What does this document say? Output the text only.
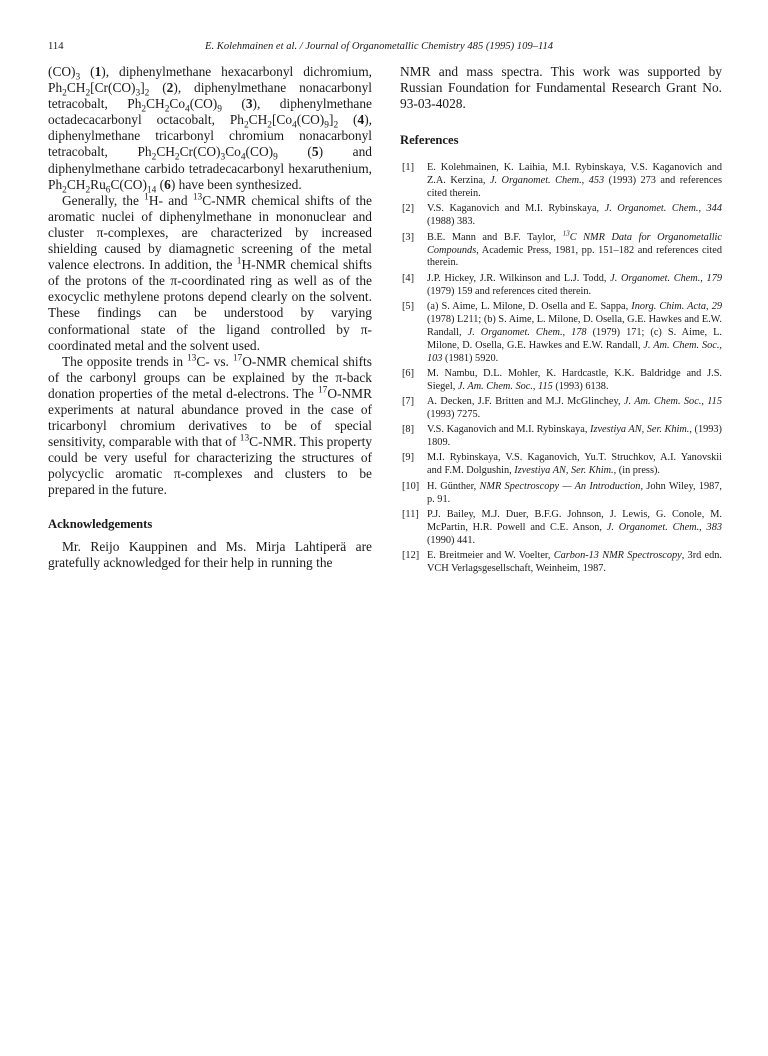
114	E. Kolehmainen et al. / Journal of Organometallic Chemistry 485 (1995) 109–114

$(CO)_3$ (1), diphenylmethane hexacarbonyl dichromium, $Ph_2CH_2[Cr(CO)_3]_2$ (2), diphenylmethane nonacarbonyl tetracobalt, $Ph_2CH_2Co_4(CO)_9$ (3), diphenylmethane octadecacarbonyl octacobalt, $Ph_2CH_2[Co_4(CO)_9]_2$ (4), diphenylmethane tricarbonyl chromium nonacarbonyl tetracobalt, $Ph_2CH_2Cr(CO)_3Co_4(CO)_9$ (5) and diphenylmethane carbido tetradecacarbonyl hexaruthenium, $Ph_2CH_2Ru_6C(CO)_{14}$ (6) have been synthesized.

Generally, the $^1$H- and $^{13}$C-NMR chemical shifts of the aromatic nuclei of diphenylmethane in mononuclear and cluster π-complexes, are characterized by increased shielding caused by diamagnetic screening of the metal valence electrons. In addition, the $^1$H-NMR chemical shifts of the protons of the π-coordinated ring as well as of the exocyclic methylene protons depend clearly on the solvent. These findings can be understood by varying conformational state of the ligand controlled by π-coordinated metal and the solvent used.

The opposite trends in $^{13}$C- vs. $^{17}$O-NMR chemical shifts of the carbonyl groups can be explained by the π-back donation properties of the metal d-electrons. The $^{17}$O-NMR experiments at natural abundance proved in the case of tricarbonyl chromium derivatives to be of special sensitivity, comparable with that of $^{13}$C-NMR. This property could be very useful for characterizing the structures of polycyclic aromatic π-complexes and clusters to be prepared in the future.

Acknowledgements

Mr. Reijo Kauppinen and Ms. Mirja Lahtiperä are gratefully acknowledged for their help in running the

NMR and mass spectra. This work was supported by Russian Foundation for Fundamental Research Grant No. 93-03-4028.

References
[1] E. Kolehmainen, K. Laihia, M.I. Rybinskaya, V.S. Kaganovich and Z.A. Kerzina, J. Organomet. Chem., 453 (1993) 273 and references cited therein.
[2] V.S. Kaganovich and M.I. Rybinskaya, J. Organomet. Chem., 344 (1988) 383.
[3] B.E. Mann and B.F. Taylor, $^{13}$C NMR Data for Organometallic Compounds, Academic Press, 1981, pp. 151–182 and references cited therein.
[4] J.P. Hickey, J.R. Wilkinson and L.J. Todd, J. Organomet. Chem., 179 (1979) 159 and references cited therein.
[5] (a) S. Aime, L. Milone, D. Osella and E. Sappa, Inorg. Chim. Acta, 29 (1978) L211; (b) S. Aime, L. Milone, D. Osella, G.E. Hawkes and E.W. Randall, J. Organomet. Chem., 178 (1979) 171; (c) S. Aime, L. Milone, D. Osella, G.E. Hawkes and E.W. Randall, J. Am. Chem. Soc., 103 (1981) 5920.
[6] M. Nambu, D.L. Mohler, K. Hardcastle, K.K. Baldridge and J.S. Siegel, J. Am. Chem. Soc., 115 (1993) 6138.
[7] A. Decken, J.F. Britten and M.J. McGlinchey, J. Am. Chem. Soc., 115 (1993) 7275.
[8] V.S. Kaganovich and M.I. Rybinskaya, Izvestiya AN, Ser. Khim., (1993) 1809.
[9] M.I. Rybinskaya, V.S. Kaganovich, Yu.T. Struchkov, A.I. Yanovskii and F.M. Dolgushin, Izvestiya AN, Ser. Khim., (in press).
[10] H. Günther, NMR Spectroscopy — An Introduction, John Wiley, 1987, p. 91.
[11] P.J. Bailey, M.J. Duer, B.F.G. Johnson, J. Lewis, G. Conole, M. McPartin, H.R. Powell and C.E. Anson, J. Organomet. Chem., 383 (1990) 441.
[12] E. Breitmeier and W. Voelter, Carbon-13 NMR Spectroscopy, 3rd edn. VCH Verlagsgesellschaft, Weinheim, 1987.
